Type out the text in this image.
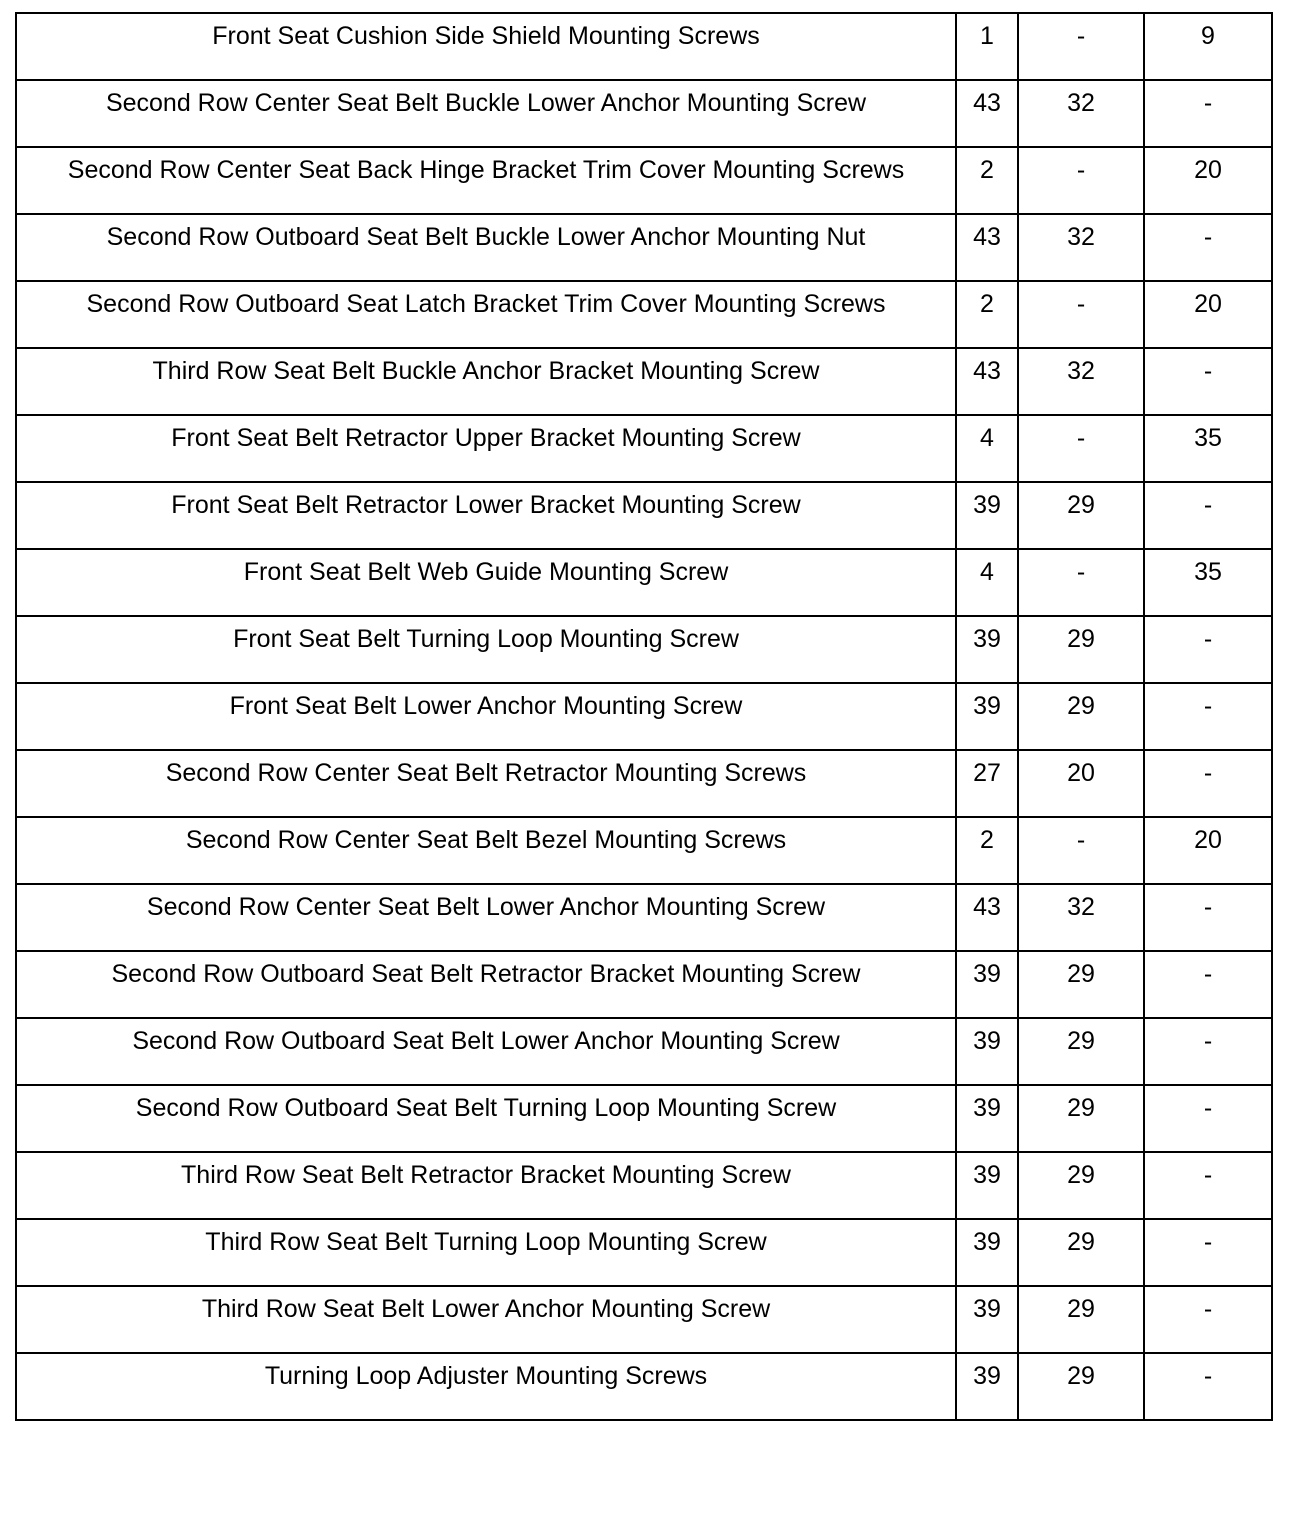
Front Seat Cushion Side Shield Mounting Screws	1	-	9
Second Row Center Seat Belt Buckle Lower Anchor Mounting Screw	43	32	-
Second Row Center Seat Back Hinge Bracket Trim Cover Mounting Screws	2	-	20
Second Row Outboard Seat Belt Buckle Lower Anchor Mounting Nut	43	32	-
Second Row Outboard Seat Latch Bracket Trim Cover Mounting Screws	2	-	20
Third Row Seat Belt Buckle Anchor Bracket Mounting Screw	43	32	-
Front Seat Belt Retractor Upper Bracket Mounting Screw	4	-	35
Front Seat Belt Retractor Lower Bracket Mounting Screw	39	29	-
Front Seat Belt Web Guide Mounting Screw	4	-	35
Front Seat Belt Turning Loop Mounting Screw	39	29	-
Front Seat Belt Lower Anchor Mounting Screw	39	29	-
Second Row Center Seat Belt Retractor Mounting Screws	27	20	-
Second Row Center Seat Belt Bezel Mounting Screws	2	-	20
Second Row Center Seat Belt Lower Anchor Mounting Screw	43	32	-
Second Row Outboard Seat Belt Retractor Bracket Mounting Screw	39	29	-
Second Row Outboard Seat Belt Lower Anchor Mounting Screw	39	29	-
Second Row Outboard Seat Belt Turning Loop Mounting Screw	39	29	-
Third Row Seat Belt Retractor Bracket Mounting Screw	39	29	-
Third Row Seat Belt Turning Loop Mounting Screw	39	29	-
Third Row Seat Belt Lower Anchor Mounting Screw	39	29	-
Turning Loop Adjuster Mounting Screws	39	29	-
